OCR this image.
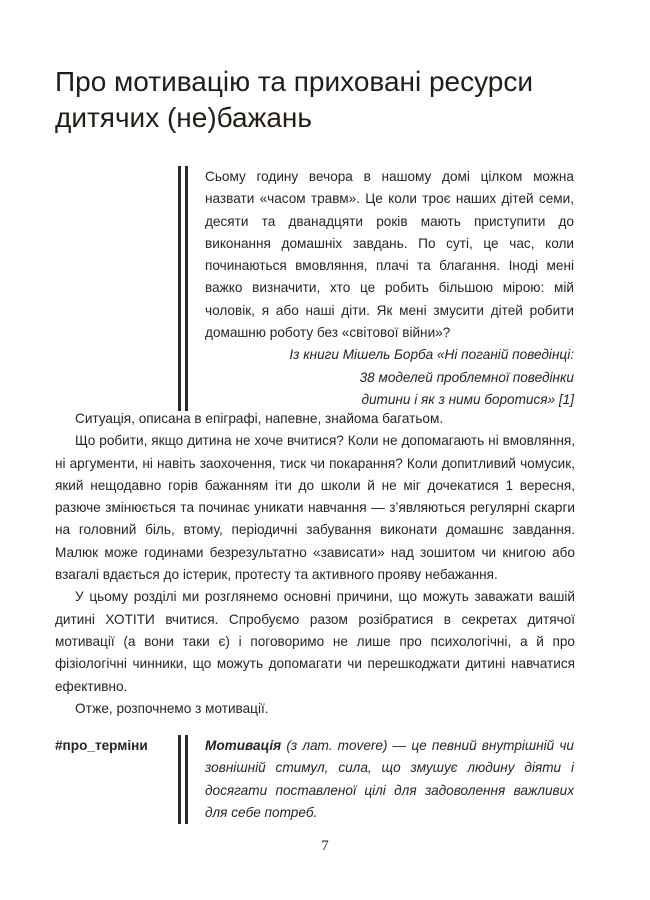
Про мотивацію та приховані ресурси дитячих (не)бажань

Сьому годину вечора в нашому домі цілком можна назвати «часом травм». Це коли троє наших дітей семи, десяти та дванадцяти років мають приступити до виконання домашніх завдань. По суті, це час, коли починаються вмовляння, плачі та благання. Іноді мені важко визначити, хто це робить більшою мірою: мій чоловік, я або наші діти. Як мені змусити дітей робити домашню роботу без «світової війни»?

Із книги Мішель Борба «Ні поганій поведінці:

38 моделей проблемної поведінки

дитини і як з ними боротися» [1]

Ситуація, описана в епіграфі, напевне, знайома багатьом.

Що робити, якщо дитина не хоче вчитися? Коли не допомагають ні вмовляння, ні аргументи, ні навіть заохочення, тиск чи покарання? Коли допитливий чомусик, який нещодавно горів бажанням іти до школи й не міг дочекатися 1 вересня, разюче змінюється та починає уникати навчання — з’являються регулярні скарги на головний біль, втому, періодичні забування виконати домашнє завдання. Малюк може годинами безрезультатно «зависати» над зошитом чи книгою або взагалі вдається до істерик, протесту та активного прояву небажання.

У цьому розділі ми розглянемо основні причини, що можуть заважати вашій дитині ХОТІТИ вчитися. Спробуємо разом розібратися в секретах дитячої мотивації (а вони таки є) і поговоримо не лише про психологічні, а й про фізіологічні чинники, що можуть допомагати чи перешкоджати дитині навчатися ефективно.

Отже, розпочнемо з мотивації.

#про_терміни	Мотивація (з лат. movere) — це певний внутрішній чи зовнішній стимул, сила, що змушує людину діяти і досягати поставленої цілі для задоволення важливих для себе потреб.
7
